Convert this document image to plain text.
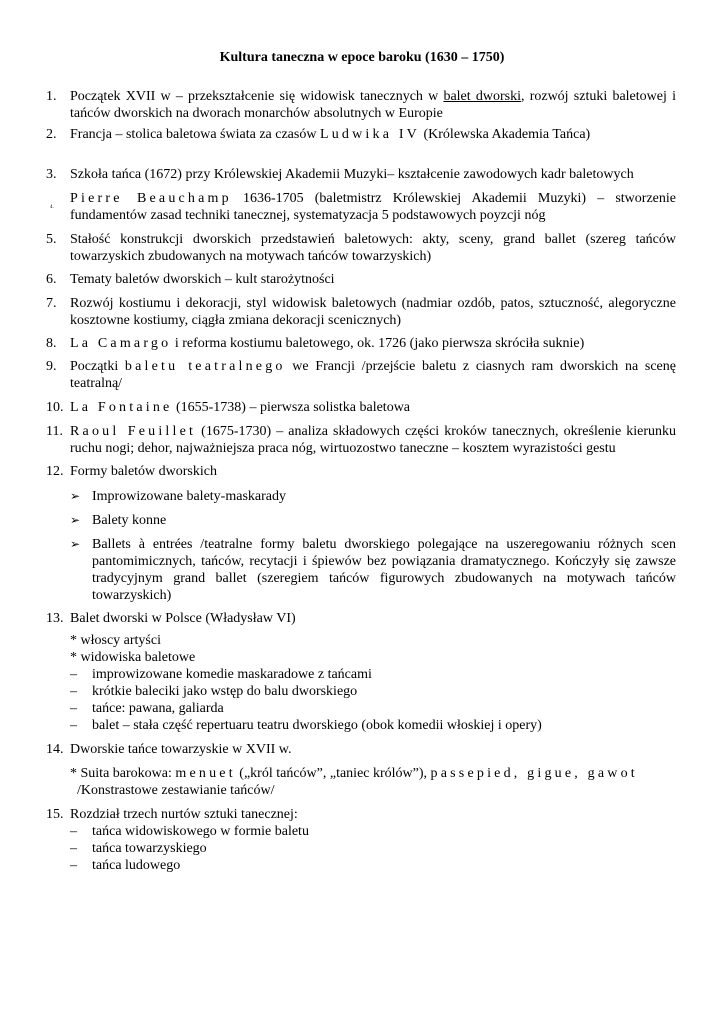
Kultura taneczna w epoce baroku (1630 – 1750)
1. Początek XVII w – przekształcenie się widowisk tanecznych w balet dworski, rozwój sztuki baletowej i tańców dworskich na dworach monarchów absolutnych w Europie
2. Francja – stolica baletowa świata za czasów Ludwika IV (Królewska Akademia Tańca)
3. Szkoła tańca (1672) przy Królewskiej Akademii Muzyki– kształcenie zawodowych kadr baletowych
4.
Pierre Beauchamp 1636-1705 (baletmistrz Królewskiej Akademii Muzyki) – stworzenie fundamentów zasad techniki tanecznej, systematyzacja 5 podstawowych poyzcji nóg
5. Stałość konstrukcji dworskich przedstawień baletowych: akty, sceny, grand ballet (szereg tańców towarzyskich zbudowanych na motywach tańców towarzyskich)
6. Tematy baletów dworskich – kult starożytności
7. Rozwój kostiumu i dekoracji, styl widowisk baletowych (nadmiar ozdób, patos, sztuczność, alegoryczne kosztowne kostiumy, ciągła zmiana dekoracji scenicznych)
8. La Camargo i reforma kostiumu baletowego, ok. 1726 (jako pierwsza skróciła suknie)
9. Początki baletu teatralnego we Francji /przejście baletu z ciasnych ram dworskich na scenę teatralną/
10. La Fontaine (1655-1738) – pierwsza solistka baletowa
11. Raoul Feuillet (1675-1730) – analiza składowych części kroków tanecznych, określenie kierunku ruchu nogi; dehor, najważniejsza praca nóg, wirtuozostwo taneczne – kosztem wyrazistości gestu
12. Formy baletów dworskich
➢ Improwizowane balety-maskarady
➢ Balety konne
➢ Ballets à entrées /teatralne formy baletu dworskiego polegające na uszeregowaniu różnych scen pantomimicznych, tańców, recytacji i śpiewów bez powiązania dramatycznego. Kończyły się zawsze tradycyjnym grand ballet (szeregiem tańców figurowych zbudowanych na motywach tańców towarzyskich)
13. Balet dworski w Polsce (Władysław VI)
* włoscy artyści
* widowiska baletowe
– improwizowane komedie maskaradowe z tańcami
– krótkie baleciki jako wstęp do balu dworskiego
– tańce: pawana, galiarda
– balet – stała część repertuaru teatru dworskiego (obok komedii włoskiej i opery)
14. Dworskie tańce towarzyskie w XVII w.
* Suita barokowa: menuet („król tańców”, „taniec królów”), passepied, gigue, gawot
/Konstrastowe zestawianie tańców/
15. Rozdział trzech nurtów sztuki tanecznej:
– tańca widowiskowego w formie baletu
– tańca towarzyskiego
– tańca ludowego
